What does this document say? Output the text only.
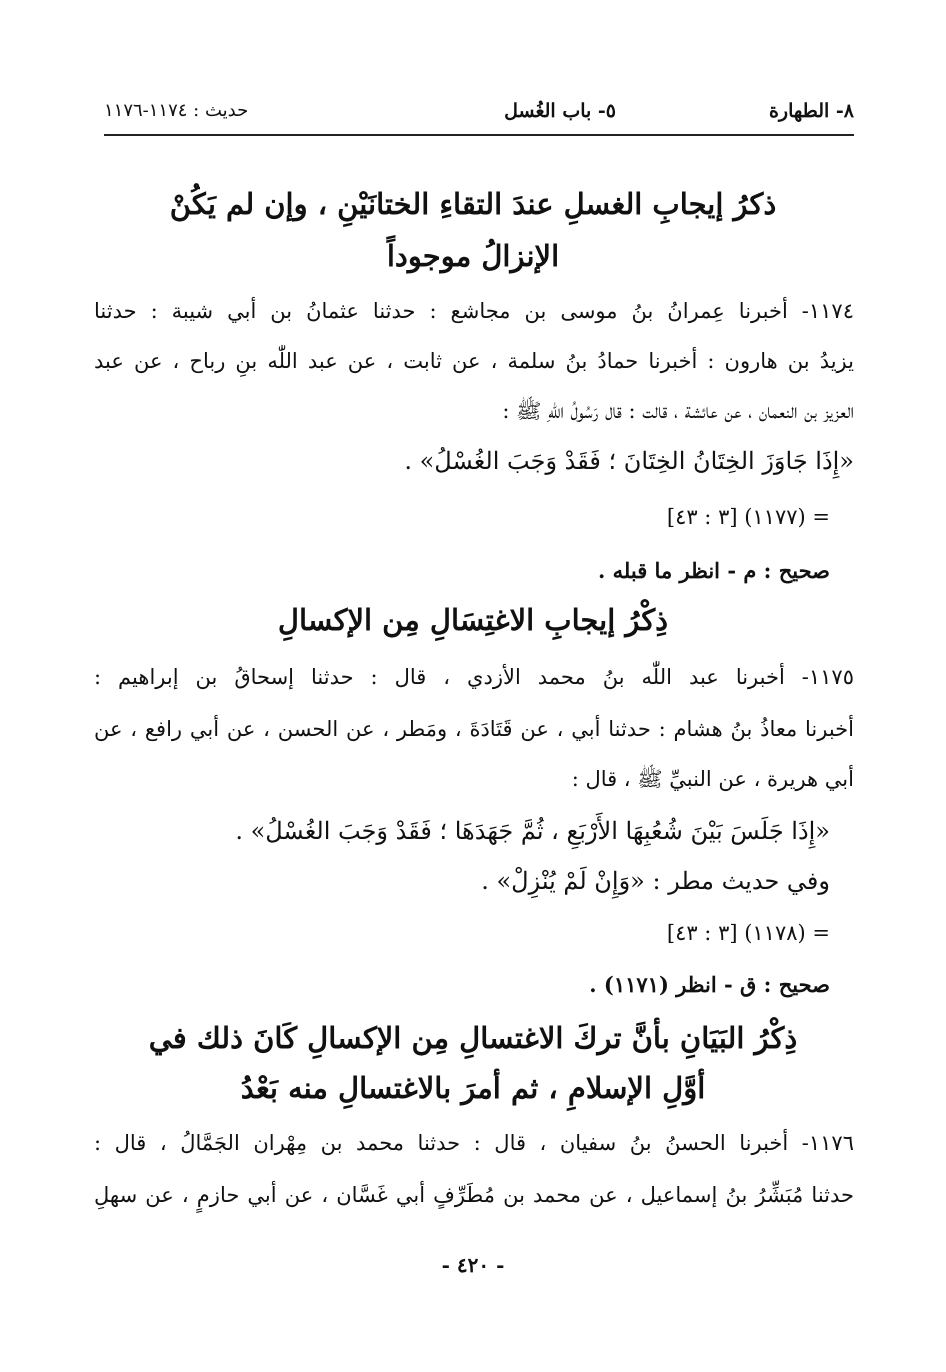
٨- الطهارة
٥- باب الغُسل
حديث : ١١٧٤-١١٧٦
ذكرُ إيجابِ الغسلِ عندَ التقاءِ الختانَيْنِ ، وإن لم يَكُنْ
الإنزالُ موجوداً
١١٧٤- أخبرنا عِمرانُ بنُ موسى بن مجاشع : حدثنا عثمانُ بن أبي شيبة : حدثنا
يزيدُ بن هارون : أخبرنا حمادُ بنُ سلمة ، عن ثابت ، عن عبد اللّٰه بنِ رباح ، عن عبد
العزيز بن النعمان ، عن عائشة ، قالت : قال رَسُولُ اللّٰهِ ﷺ :
«إِذَا جَاوَزَ الخِتَانُ الخِتَانَ ؛ فَقَدْ وَجَبَ الغُسْلُ» .
= (١١٧٧) [٣ : ٤٣]
صحيح : م - انظر ما قبله .
ذِكْرُ إيجابِ الاغتِسَالِ مِن الإكسالِ
١١٧٥- أخبرنا عبد اللّٰه بنُ محمد الأزدي ، قال : حدثنا إسحاقُ بن إبراهيم :
أخبرنا معاذُ بنُ هشام : حدثنا أبي ، عن قَتَادَةَ ، ومَطر ، عن الحسن ، عن أبي رافع ، عن
أبي هريرة ، عن النبيِّ ﷺ ، قال :
«إِذَا جَلَسَ بَيْنَ شُعُبِهَا الأَرْبَعِ ، ثُمَّ جَهَدَهَا ؛ فَقَدْ وَجَبَ الغُسْلُ» .
وفي حديث مطر : «وَإِنْ لَمْ يُنْزِلْ» .
= (١١٧٨) [٣ : ٤٣]
صحيح : ق - انظر (١١٧١) .
ذِكْرُ البَيَانِ بأنَّ تركَ الاغتسالِ مِن الإكسالِ كَانَ ذلك في
أوَّلِ الإسلامِ ، ثم أمرَ بالاغتسالِ منه بَعْدُ
١١٧٦- أخبرنا الحسنُ بنُ سفيان ، قال : حدثنا محمد بن مِهْران الجَمَّالُ ، قال :
حدثنا مُبَشِّرُ بنُ إسماعيل ، عن محمد بن مُطَرِّفٍ أبي غَسَّان ، عن أبي حازمٍ ، عن سهلِ
- ٤٢٠ -
